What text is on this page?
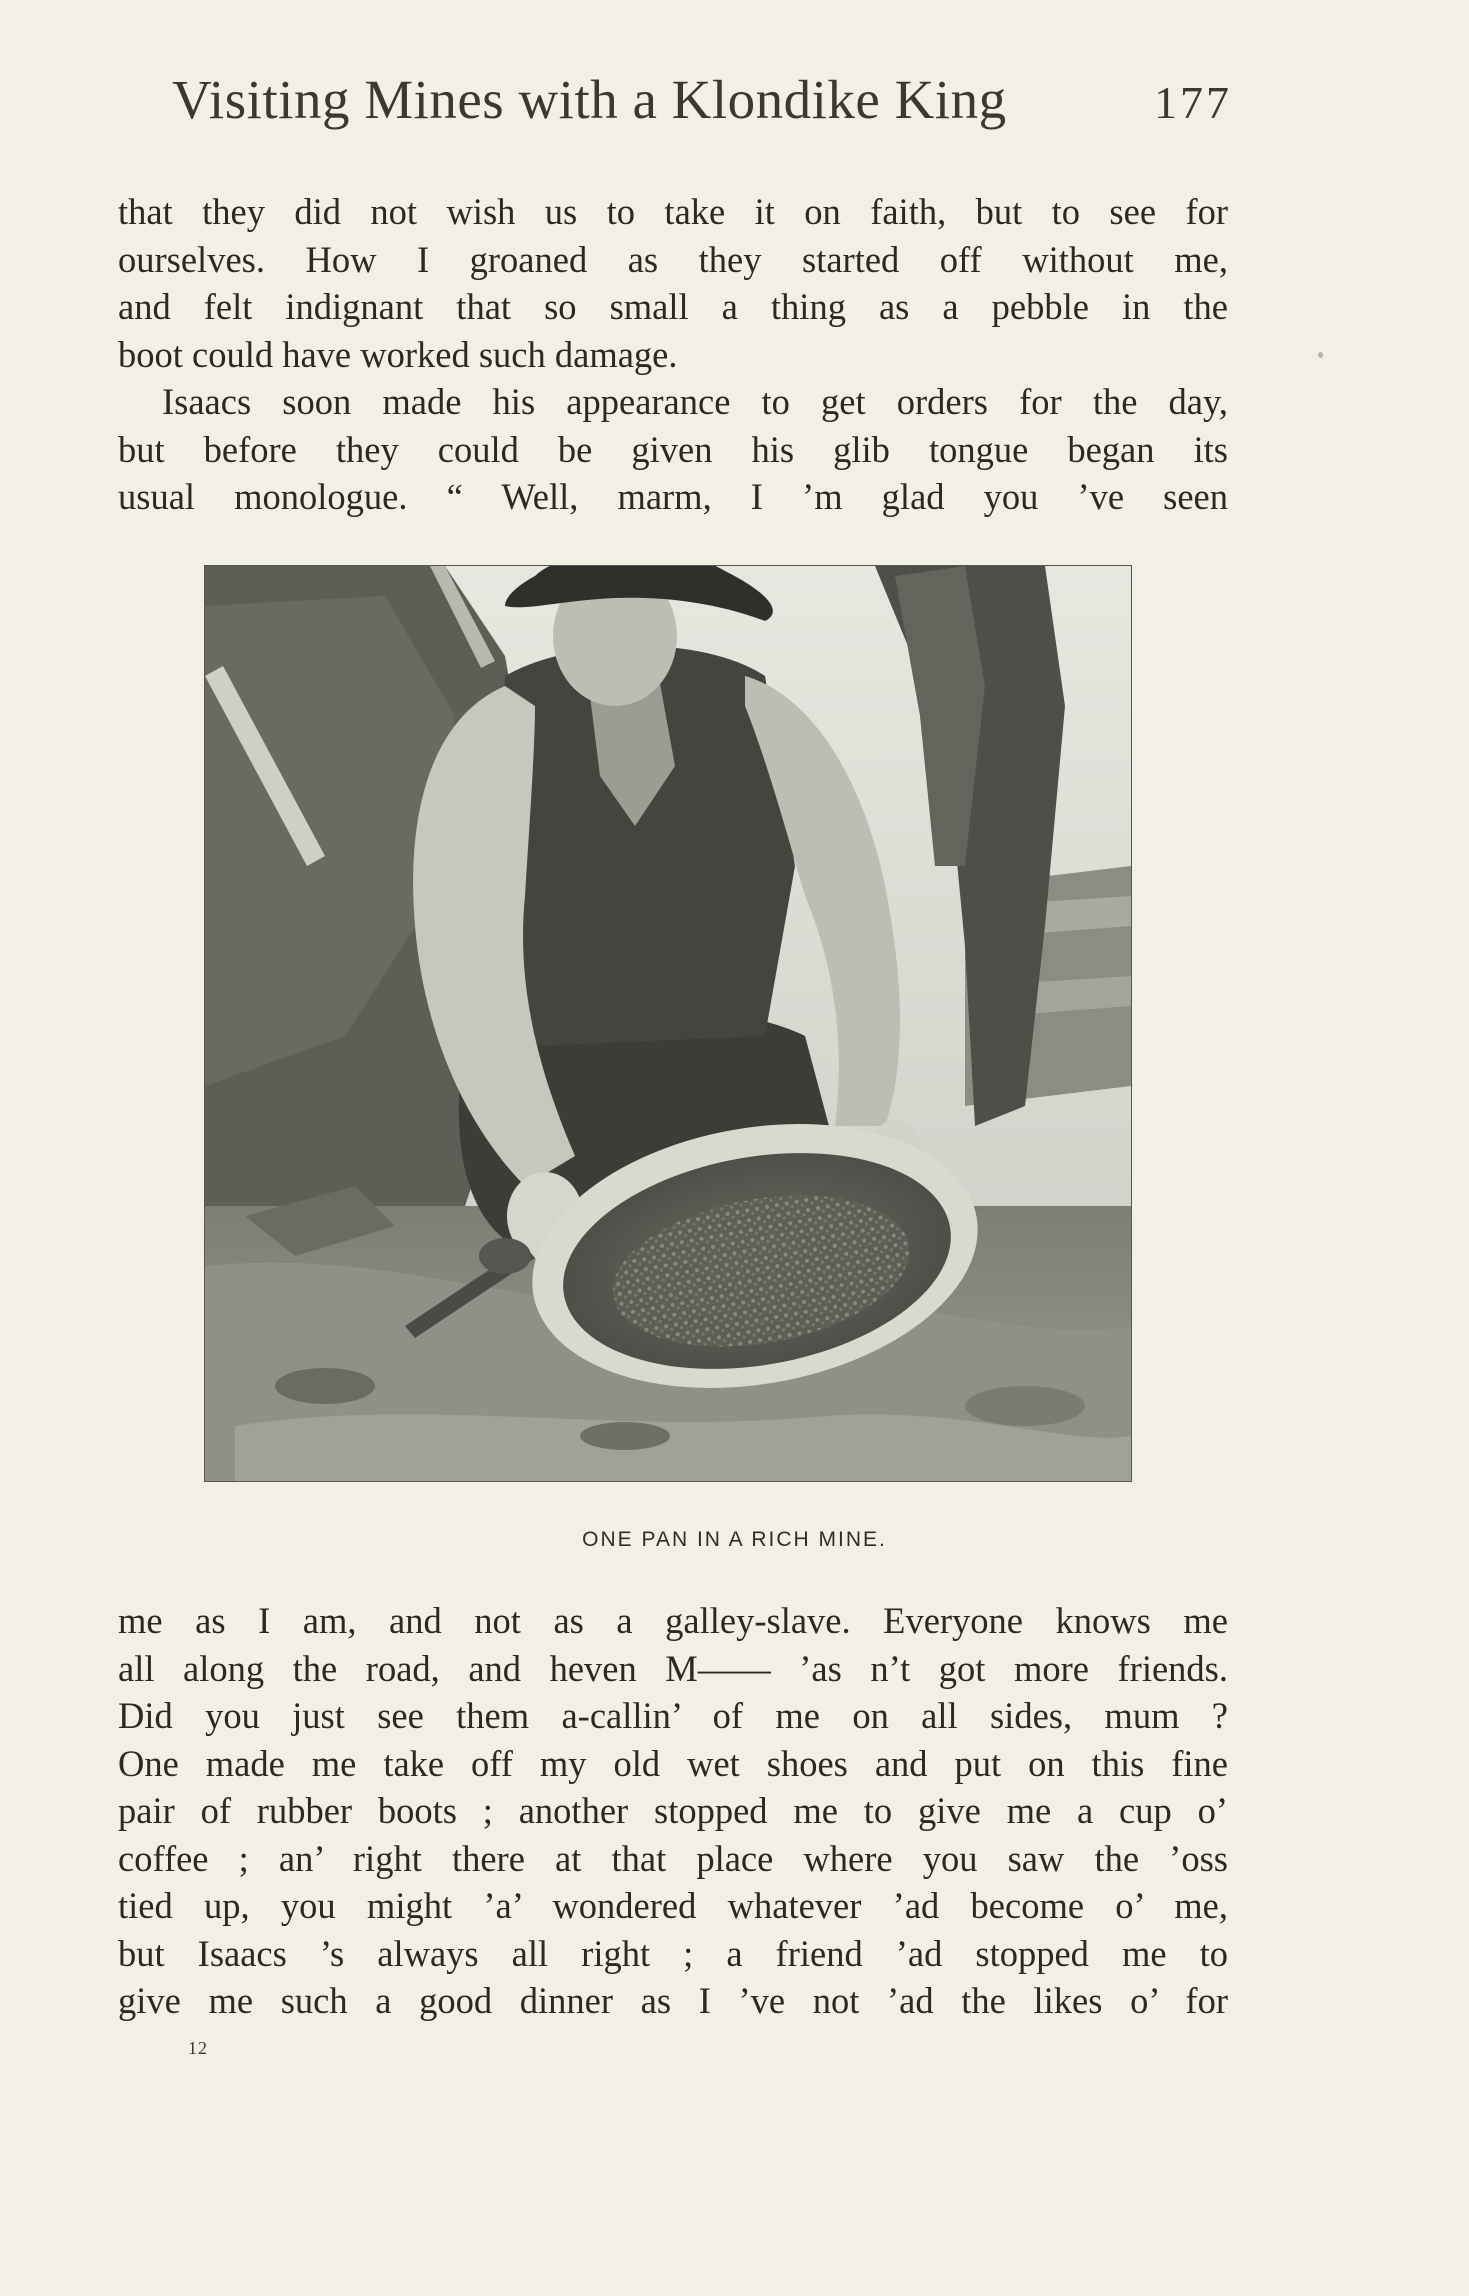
Visiting Mines with a Klondike King	177
that they did not wish us to take it on faith, but to see for
ourselves. How I groaned as they started off without me,
and felt indignant that so small a thing as a pebble in the
boot could have worked such damage.
Isaacs soon made his appearance to get orders for the day,
but before they could be given his glib tongue began its
usual monologue. “ Well, marm, I ’m glad you ’ve seen
ONE PAN IN A RICH MINE.
me as I am, and not as a galley-slave. Everyone knows me
all along the road, and heven M—— ’as n’t got more friends.
Did you just see them a-callin’ of me on all sides, mum ?
One made me take off my old wet shoes and put on this fine
pair of rubber boots ; another stopped me to give me a cup o’
coffee ; an’ right there at that place where you saw the ’oss
tied up, you might ’a’ wondered whatever ’ad become o’ me,
but Isaacs ’s always all right ; a friend ’ad stopped me to
give me such a good dinner as I ’ve not ’ad the likes o’ for
12
